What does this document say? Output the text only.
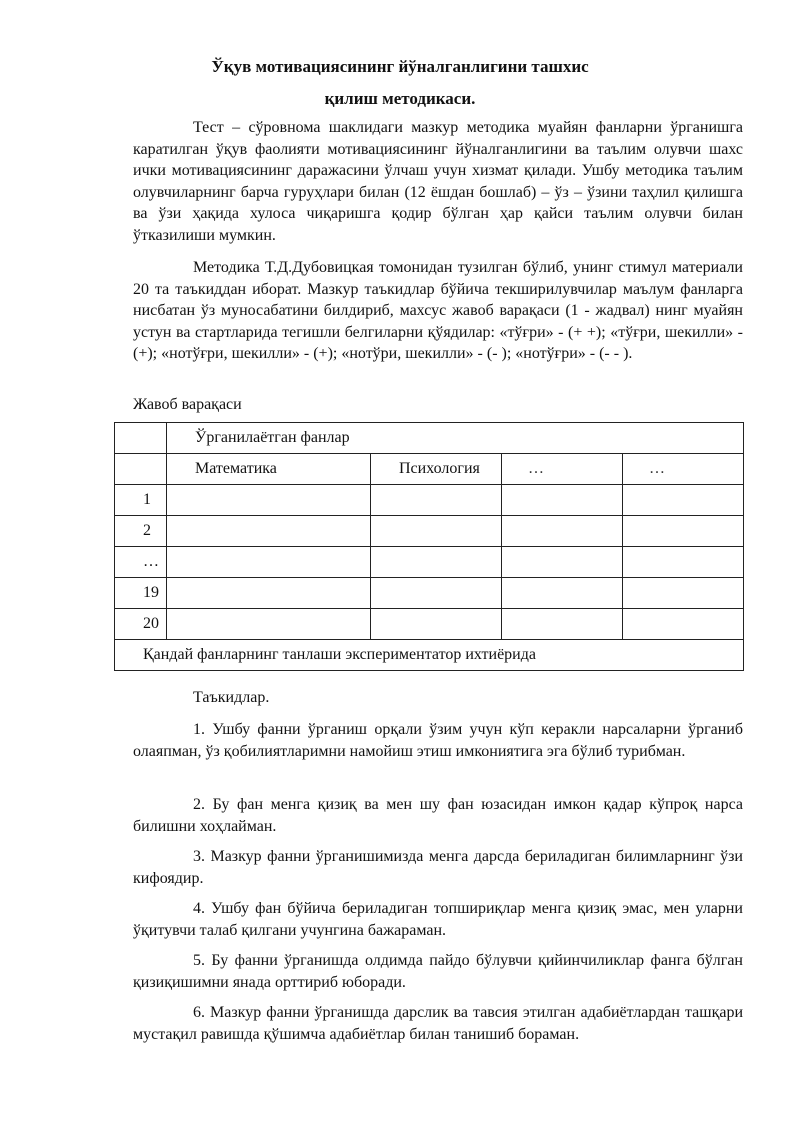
Ўқув мотивациясининг йўналганлигини ташхис
қилиш методикаси.

Тест – сўровнома шаклидаги мазкур методика муайян фанларни ўрганишга каратилган ўқув фаолияти мотивациясининг йўналганлигини ва таълим олувчи шахс ички мотивациясининг даражасини ўлчаш учун хизмат қилади. Ушбу методика таълим олувчиларнинг барча гуруҳлари билан (12 ёшдан бошлаб) – ўз – ўзини таҳлил қилишга ва ўзи ҳақида хулоса чиқаришга қодир бўлган ҳар қайси таълим олувчи билан ўтказилиши мумкин.

Методика Т.Д.Дубовицкая томонидан тузилган бўлиб, унинг стимул материали 20 та таъкиддан иборат. Мазкур таъкидлар бўйича текширилувчилар маълум фанларга нисбатан ўз муносабатини билдириб, махсус жавоб варақаси (1 - жадвал) нинг муайян устун ва стартларида тегишли белгиларни қўядилар: «тўғри» - (+ +); «тўғри, шекилли» - (+); «нотўғри, шекилли» - (+); «нотўри, шекилли» - (- ); «нотўғри» - (- - ).

Жавоб варақаси

	Ўрганилаётган фанлар			
	Математика	Психология	…	…
1				
2				
…				
19				
20				
Қандай фанларнинг танлаши экспериментатор ихтиёрида				

Таъкидлар.

1. Ушбу фанни ўрганиш орқали ўзим учун кўп керакли нарсаларни ўрганиб олаяпман, ўз қобилиятларимни намойиш этиш имкониятига эга бўлиб турибман.

2. Бу фан менга қизиқ ва мен шу фан юзасидан имкон қадар кўпроқ нарса билишни хоҳлайман.

3. Мазкур фанни ўрганишимизда менга дарсда бериладиган билимларнинг ўзи кифоядир.

4. Ушбу фан бўйича бериладиган топшириқлар менга қизиқ эмас, мен уларни ўқитувчи талаб қилгани учунгина бажараман.

5. Бу фанни ўрганишда олдимда пайдо бўлувчи қийинчиликлар фанга бўлган қизиқишимни янада орттириб юборади.

6. Мазкур фанни ўрганишда дарслик ва тавсия этилган адабиётлардан ташқари мустақил равишда қўшимча адабиётлар билан танишиб бораман.
